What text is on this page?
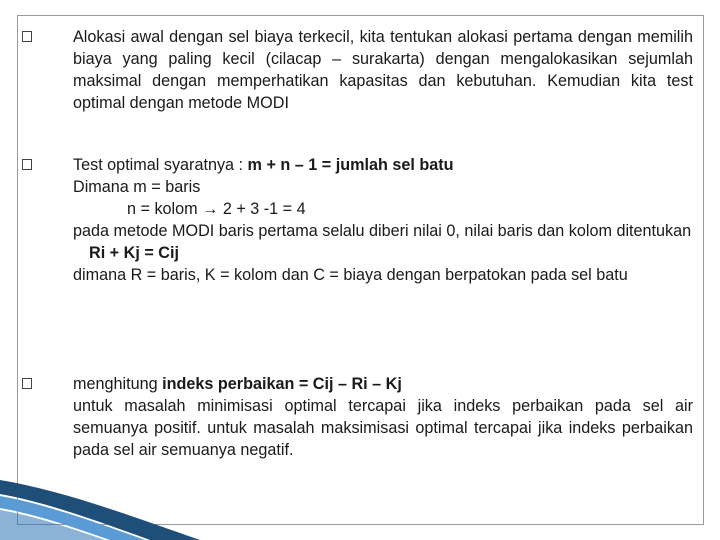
Alokasi awal dengan sel biaya terkecil, kita tentukan alokasi pertama dengan memilih biaya yang paling kecil (cilacap – surakarta) dengan mengalokasikan sejumlah maksimal dengan memperhatikan kapasitas dan kebutuhan. Kemudian kita test optimal dengan metode MODI
Test optimal syaratnya : m + n – 1 = jumlah sel batu
Dimana m = baris
n = kolom → 2 + 3 -1 = 4
pada metode MODI baris pertama selalu diberi nilai 0, nilai baris dan kolom ditentukan
Ri + Kj = Cij
dimana R = baris, K = kolom dan C = biaya dengan berpatokan pada sel batu
menghitung indeks perbaikan = Cij – Ri – Kj
untuk masalah minimisasi optimal tercapai jika indeks perbaikan pada sel air semuanya positif. untuk masalah maksimisasi optimal tercapai jika indeks perbaikan pada sel air semuanya negatif.
